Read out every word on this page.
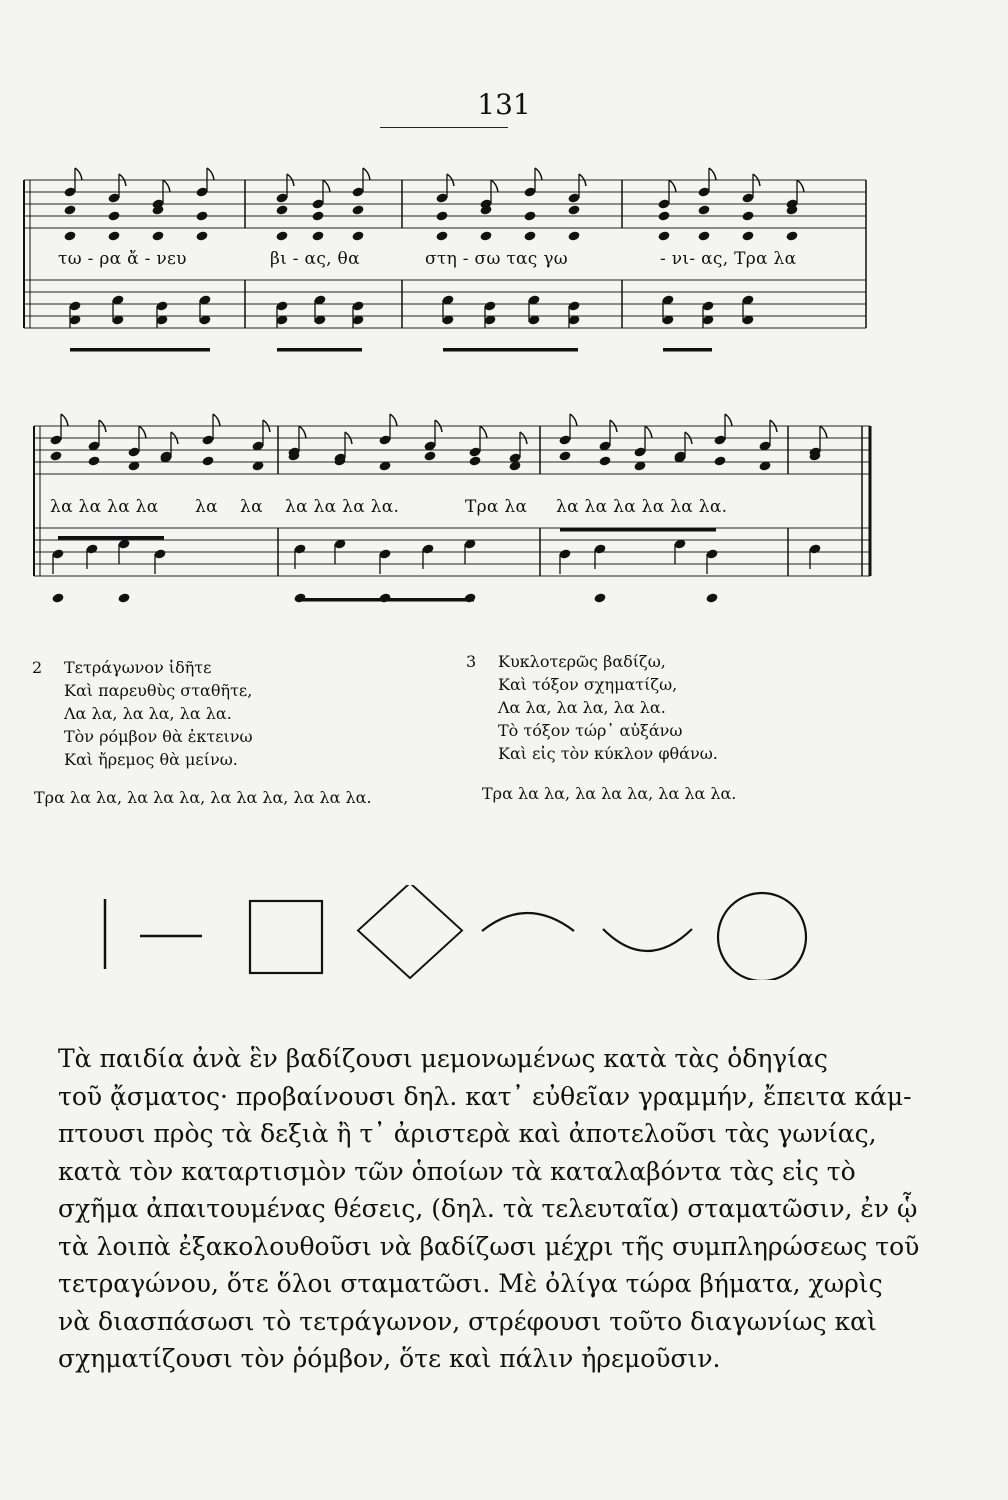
131
τω - ρα ἄ - νευ	βι - ας, θα	στη - σω τας γω	- νι- ας, Τρα λα
λα λα λα λα λα λα λα λα λα λα.	Τρα λα λα λα λα λα λα λα.
2 Τετράγωνον ἰδῆτε
Καὶ παρευθὺς σταθῆτε,
Λα λα, λα λα, λα λα.
Τὸν ρόμβον θὰ ἐκτεινω
Καὶ ἤρεμος θὰ μείνω.
3 Κυκλοτερῶς βαδίζω,
Καὶ τόξον σχηματίζω,
Λα λα, λα λα, λα λα.
Τὸ τόξον τώρ᾽ αὐξάνω
Καὶ εἰς τὸν κύκλον φθάνω.
Τρα λα λα, λα λα λα, λα λα λα, λα λα λα.	Τρα λα λα, λα λα λα, λα λα λα.
Τὰ παιδία ἀνὰ ἓν βαδίζουσι μεμονωμένως κατὰ τὰς ὁδηγίας
τοῦ ᾄσματος· προβαίνουσι δηλ. κατ᾽ εὐθεῖαν γραμμήν, ἔπειτα κάμ-
πτουσι πρὸς τὰ δεξιὰ ἢ τ᾽ ἀριστερὰ καὶ ἀποτελοῦσι τὰς γωνίας,
κατὰ τὸν καταρτισμὸν τῶν ὁποίων τὰ καταλαβόντα τὰς εἰς τὸ
σχῆμα ἀπαιτουμένας θέσεις, (δηλ. τὰ τελευταῖα) σταματῶσιν, ἐν ᾧ
τὰ λοιπὰ ἐξακολουθοῦσι νὰ βαδίζωσι μέχρι τῆς συμπληρώσεως τοῦ
τετραγώνου, ὅτε ὅλοι σταματῶσι. Μὲ ὀλίγα τώρα βήματα, χωρὶς
νὰ διασπάσωσι τὸ τετράγωνον, στρέφουσι τοῦτο διαγωνίως καὶ
σχηματίζουσι τὸν ῥόμβον, ὅτε καὶ πάλιν ἠρεμοῦσιν.
